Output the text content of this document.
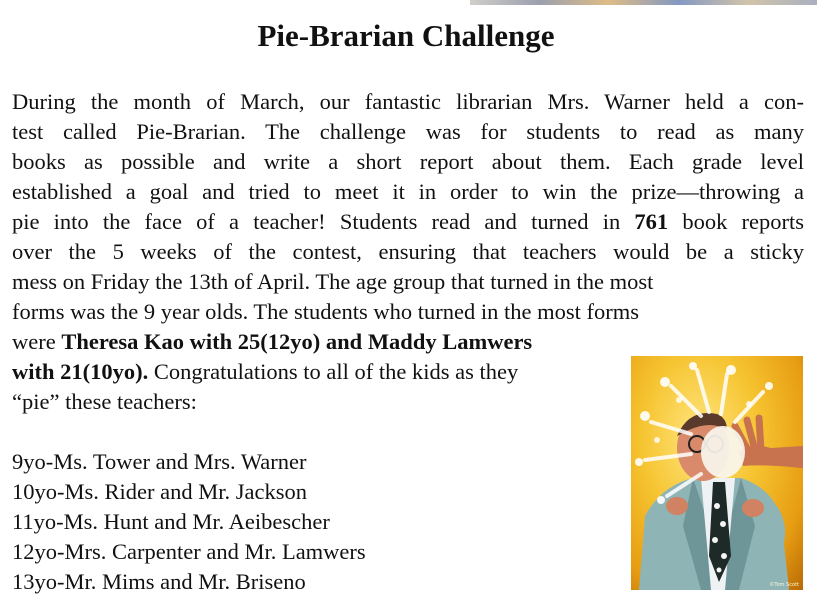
Pie-Brarian Challenge

During the month of March, our fantastic librarian Mrs. Warner held a con-
test called Pie-Brarian. The challenge was for students to read as many
books as possible and write a short report about them. Each grade level
established a goal and tried to meet it in order to win the prize—throwing a
pie into the face of a teacher! Students read and turned in 761 book reports
over the 5 weeks of the contest, ensuring that teachers would be a sticky
mess on Friday the 13th of April. The age group that turned in the most
forms was the 9 year olds. The students who turned in the most forms

were Theresa Kao with 25(12yo) and Maddy Lamwers
with 21(10yo). Congratulations to all of the kids as they
“pie” these teachers:

9yo-Ms. Tower and Mrs. Warner
10yo-Ms. Rider and Mr. Jackson
11yo-Ms. Hunt and Mr. Aeibescher
12yo-Mrs. Carpenter and Mr. Lamwers
13yo-Mr. Mims and Mr. Briseno	©Tom Scott
